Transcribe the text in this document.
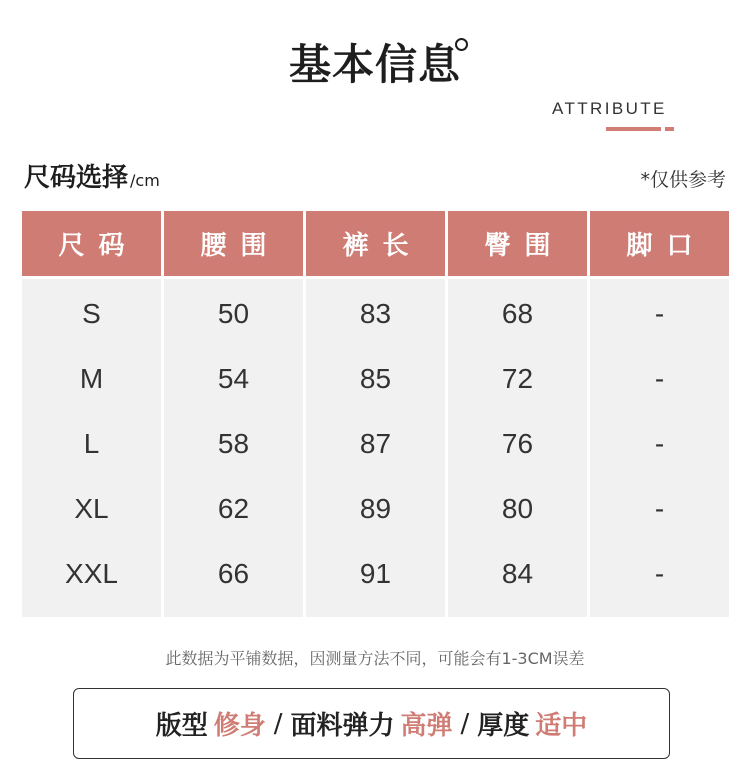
基本信息
ATTRIBUTE
尺码选择 /cm	*仅供参考
尺码
S
M
L
XL
XXL
腰围
50
54
58
62
66
裤长
83
85
87
89
91
臀围
68
72
76
80
84
脚口
-
-
-
-
-
此数据为平铺数据，因测量方法不同，可能会有1-3CM误差
版型 修身 / 面料弹力 高弹 / 厚度 适中
